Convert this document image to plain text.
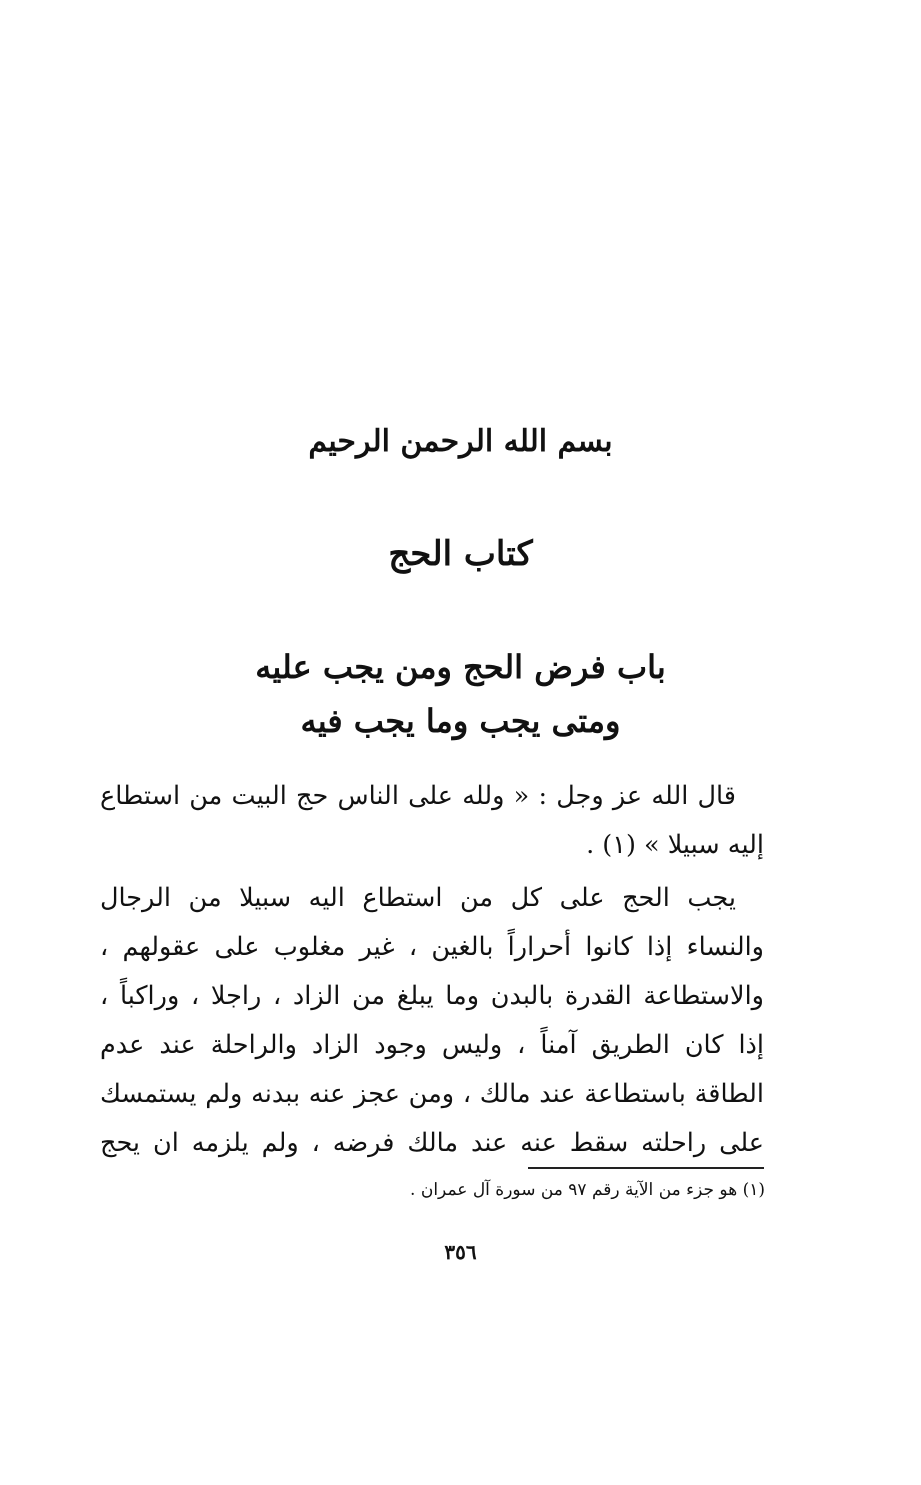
بسم الله الرحمن الرحيم
كتاب الحج
باب فرض الحج ومن يجب عليه
ومتى يجب وما يجب فيه
قال الله عز وجل : « ولله على الناس حج البيت من استطاع
إليه سبيلا » (١) .
يجب الحج على كل من استطاع اليه سبيلا من الرجال
والنساء إذا كانوا أحراراً بالغين ، غير مغلوب على عقولهم ،
والاستطاعة القدرة بالبدن وما يبلغ من الزاد ، راجلا ، وراكباً ،
إذا كان الطريق آمناً ، وليس وجود الزاد والراحلة عند عدم
الطاقة باستطاعة عند مالك ، ومن عجز عنه ببدنه ولم يستمسك
على راحلته سقط عنه عند مالك فرضه ، ولم يلزمه ان يحج
(١) هو جزء من الآية رقم ٩٧ من سورة آل عمران .
٣٥٦
